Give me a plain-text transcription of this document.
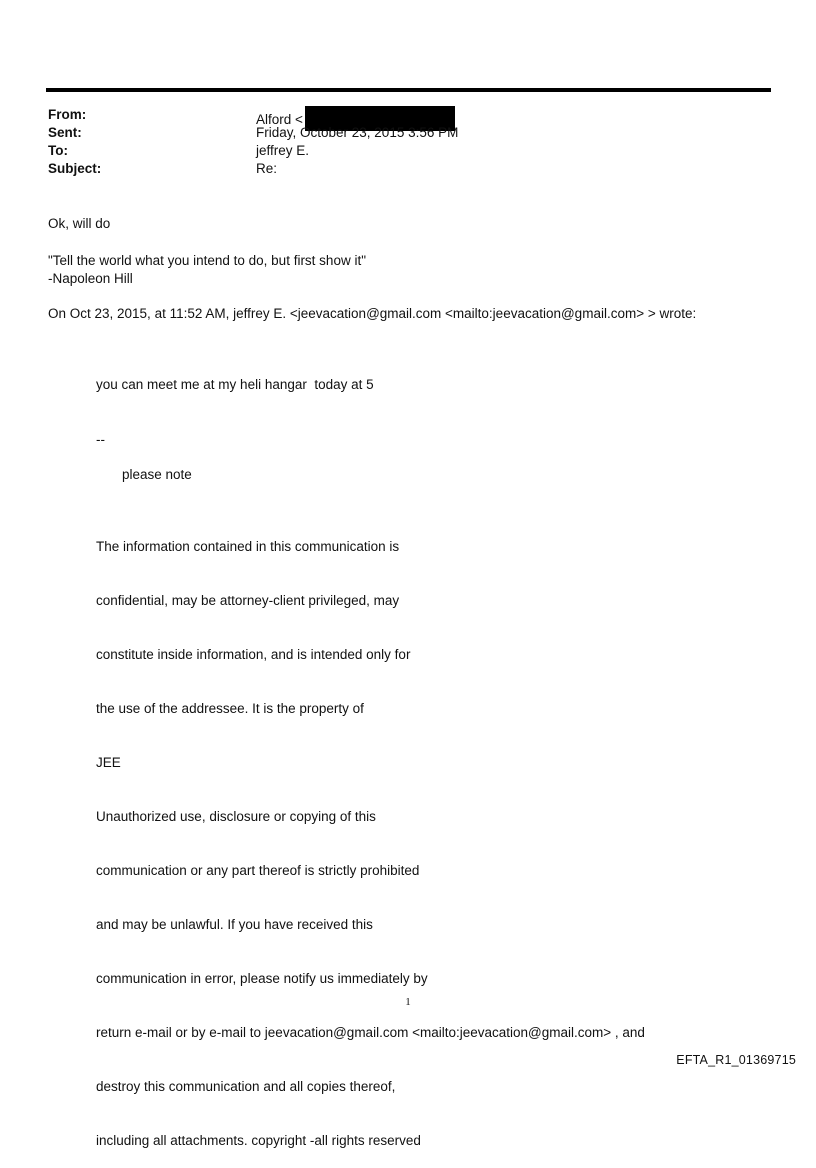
From:	Alford <
Sent:	Friday, October 23, 2015 3:56 PM
To:	jeffrey E.
Subject:	Re:
Ok, will do
"Tell the world what you intend to do, but first show it"
-Napoleon Hill
On Oct 23, 2015, at 11:52 AM, jeffrey E. <jeevacation@gmail.com <mailto:jeevacation@gmail.com> > wrote:
you can meet me at my heli hangar  today at 5
--
please note

The information contained in this communication is

confidential, may be attorney-client privileged, may

constitute inside information, and is intended only for

the use of the addressee. It is the property of

JEE

Unauthorized use, disclosure or copying of this

communication or any part thereof is strictly prohibited

and may be unlawful. If you have received this

communication in error, please notify us immediately by

return e-mail or by e-mail to jeevacation@gmail.com <mailto:jeevacation@gmail.com> , and

destroy this communication and all copies thereof,

including all attachments. copyright -all rights reserved

1
EFTA_R1_01369715
